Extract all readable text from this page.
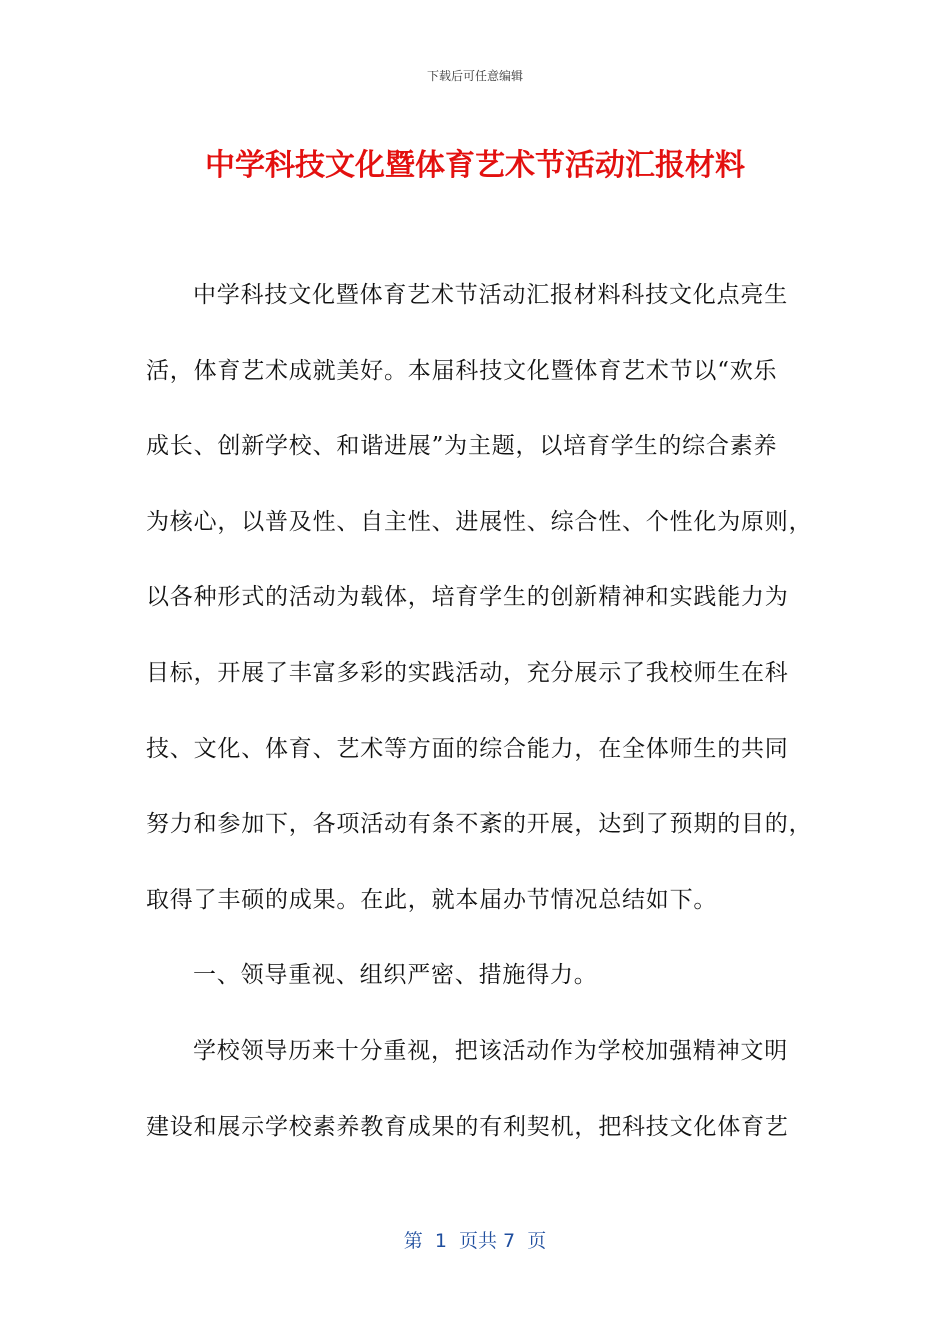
下载后可任意编辑
中学科技文化暨体育艺术节活动汇报材料
中学科技文化暨体育艺术节活动汇报材料科技文化点亮生
活，体育艺术成就美好。本届科技文化暨体育艺术节以“欢乐
成长、创新学校、和谐进展”为主题，以培育学生的综合素养
为核心，以普及性、自主性、进展性、综合性、个性化为原则，
以各种形式的活动为载体，培育学生的创新精神和实践能力为
目标，开展了丰富多彩的实践活动，充分展示了我校师生在科
技、文化、体育、艺术等方面的综合能力，在全体师生的共同
努力和参加下，各项活动有条不紊的开展，达到了预期的目的，
取得了丰硕的成果。在此，就本届办节情况总结如下。
一、领导重视、组织严密、措施得力。
学校领导历来十分重视，把该活动作为学校加强精神文明
建设和展示学校素养教育成果的有利契机，把科技文化体育艺
第  1  页共 7  页
